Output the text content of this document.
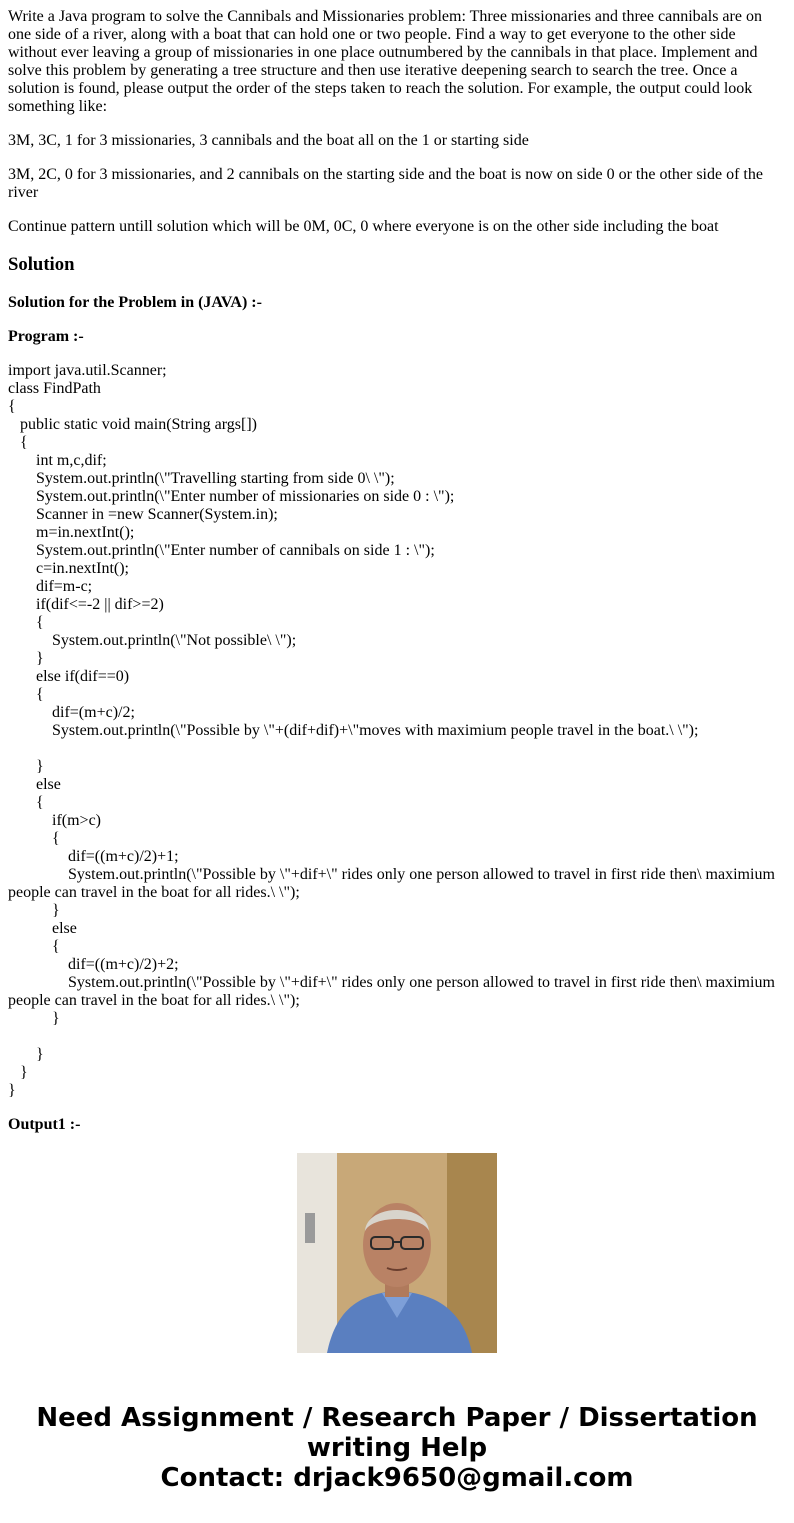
Write a Java program to solve the Cannibals and Missionaries problem: Three missionaries and three cannibals are on one side of a river, along with a boat that can hold one or two people. Find a way to get everyone to the other side without ever leaving a group of missionaries in one place outnumbered by the cannibals in that place. Implement and solve this problem by generating a tree structure and then use iterative deepening search to search the tree. Once a solution is found, please output the order of the steps taken to reach the solution. For example, the output could look something like:

3M, 3C, 1 for 3 missionaries, 3 cannibals and the boat all on the 1 or starting side

3M, 2C, 0 for 3 missionaries, and 2 cannibals on the starting side and the boat is now on side 0 or the other side of the river

Continue pattern untill solution which will be 0M, 0C, 0 where everyone is on the other side including the boat

Solution

Solution for the Problem in (JAVA) :-

Program :-

import java.util.Scanner;
class FindPath
{
public static void main(String args[])
{
int m,c,dif;
System.out.println(\"Travelling starting from side 0\ \");
System.out.println(\"Enter number of missionaries on side 0 : \");
Scanner in =new Scanner(System.in);
m=in.nextInt();
System.out.println(\"Enter number of cannibals on side 1 : \");
c=in.nextInt();
dif=m-c;
if(dif<=-2 || dif>=2)
{
System.out.println(\"Not possible\ \");
}
else if(dif==0)
{
dif=(m+c)/2;
System.out.println(\"Possible by \"+(dif+dif)+\"moves with maximium people travel in the boat.\ \");

}
else
{
if(m>c)
{
dif=((m+c)/2)+1;
System.out.println(\"Possible by \"+dif+\" rides only one person allowed to travel in first ride then\ maximium people can travel in the boat for all rides.\ \");
}
else
{
dif=((m+c)/2)+2;
System.out.println(\"Possible by \"+dif+\" rides only one person allowed to travel in first ride then\ maximium people can travel in the boat for all rides.\ \");
}

}
}
}

Output1 :-

Need Assignment / Research Paper / Dissertation writing Help
Contact: drjack9650@gmail.com
